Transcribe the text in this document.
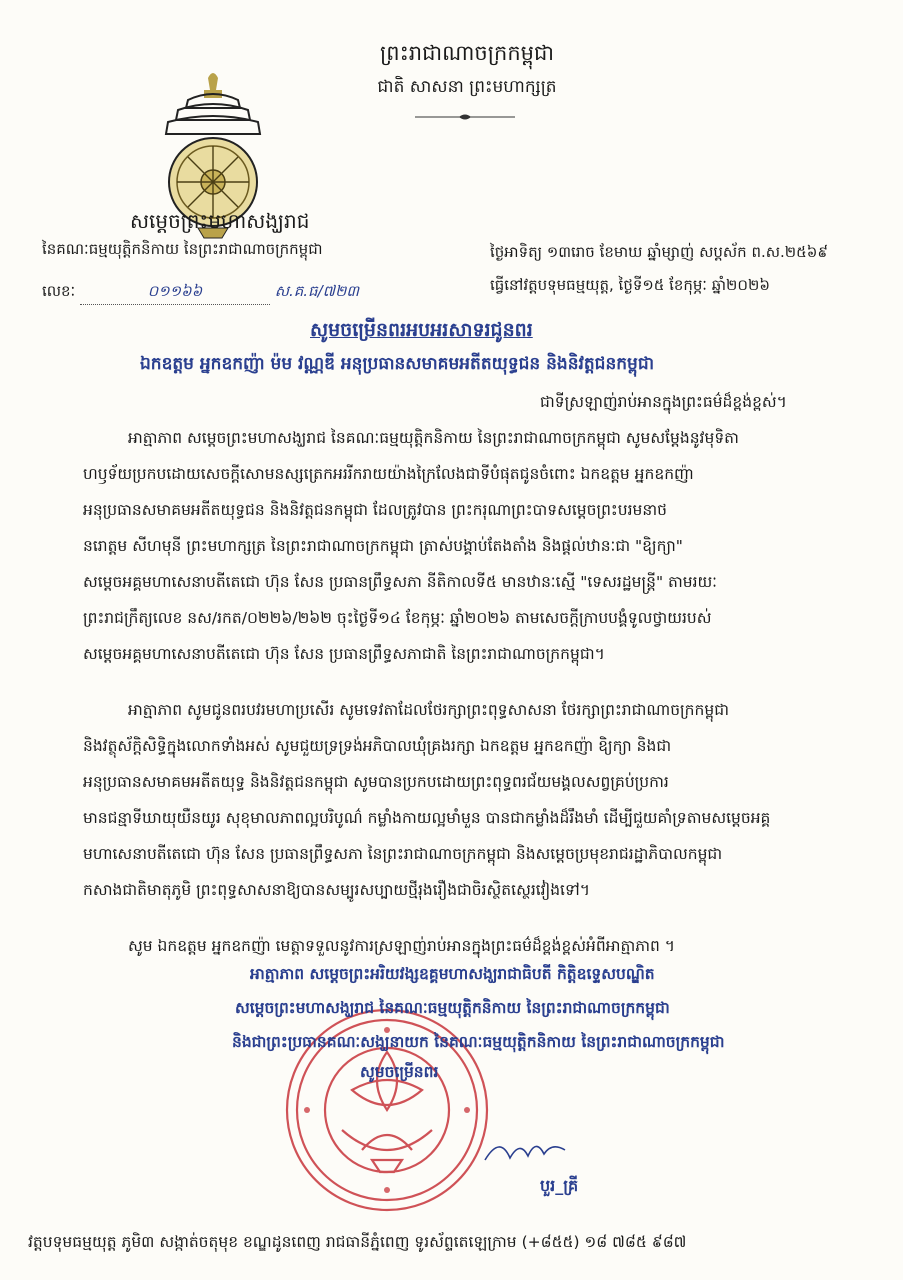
ព្រះរាជាណាចក្រកម្ពុជា
ជាតិ សាសនា ព្រះមហាក្សត្រ
សម្ដេចព្រះមហាសង្ឃរាជ
នៃគណៈធម្មយុត្តិកនិកាយ នៃព្រះរាជាណាចក្រកម្ពុជា
លេខៈ	០១១៦៦	ស.គ.ធ/៧២៣
ថ្ងៃអាទិត្យ ១៣រោច ខែមាឃ ឆ្នាំម្សាញ់ សប្តស័ក ព.ស.២៥៦៩
ធ្វើនៅវត្តបទុមធម្មយុត្ត, ថ្ងៃទី១៥ ខែកុម្ភៈ ឆ្នាំ២០២៦
សូមចម្រើនពរអបអរសាទរជូនពរ
ឯកឧត្តម អ្នកឧកញ៉ា ម៉ម វណ្ណឌី អនុប្រធានសមាគមអតីតយុទ្ធជន និងនិវត្តជនកម្ពុជា
ជាទីស្រឡាញ់រាប់អានក្នុងព្រះធម៌ដ៏ខ្ពង់ខ្ពស់។
អាត្មាភាព សម្ដេចព្រះមហាសង្ឃរាជ នៃគណៈធម្មយុត្តិកនិកាយ នៃព្រះរាជាណាចក្រកម្ពុជា សូមសម្ដែងនូវមុទិតា
ហឫទ័យប្រកបដោយសេចក្ដីសោមនស្សត្រេកអររីករាយយ៉ាងក្រៃលែងជាទីបំផុតជូនចំពោះ ឯកឧត្តម អ្នកឧកញ៉ា
អនុប្រធានសមាគមអតីតយុទ្ធជន និងនិវត្តជនកម្ពុជា ដែលត្រូវបាន ព្រះករុណាព្រះបាទសម្ដេចព្រះបរមនាថ
នរោត្តម សីហមុនី ព្រះមហាក្សត្រ នៃព្រះរាជាណាចក្រកម្ពុជា ត្រាស់បង្គាប់តែងតាំង និងផ្ដល់ឋានៈជា "ឧិ្យក្យា"
សម្ដេចអគ្គមហាសេនាបតីតេជោ ហ៊ុន សែន ប្រធានព្រឹទ្ធសភា នីតិកាលទី៥ មានឋានៈស្មើ "ទេសរដ្ឋមន្ត្រី" តាមរយៈ
ព្រះរាជក្រឹត្យលេខ នស/រកត/០២២៦/២៦២ ចុះថ្ងៃទី១៤ ខែកុម្ភៈ ឆ្នាំ២០២៦ តាមសេចក្ដីក្រាបបង្គំទូលថ្វាយរបស់
សម្ដេចអគ្គមហាសេនាបតីតេជោ ហ៊ុន សែន ប្រធានព្រឹទ្ធសភាជាតិ នៃព្រះរាជាណាចក្រកម្ពុជា។
អាត្មាភាព សូមជូនពរបវរមហាប្រសើរ សូមទេវតាដែលថែរក្សាព្រះពុទ្ធសាសនា ថែរក្សាព្រះរាជាណាចក្រកម្ពុជា
និងវត្ថុស័ក្ដិសិទ្ធិក្នុងលោកទាំងអស់ សូមជួយទ្រទ្រង់អភិបាលឃុំគ្រងរក្សា ឯកឧត្តម អ្នកឧកញ៉ា ឧិ្យក្យា និងជា
អនុប្រធានសមាគមអតីតយុទ្ធ និងនិវត្តជនកម្ពុជា សូមបានប្រកបដោយព្រះពុទ្ធពរជ័យមង្គលសព្វគ្រប់ប្រការ
មានជន្មាទីឃាយុយឺនយូរ សុខុមាលភាពល្អបរិបូណ៌ កម្លាំងកាយល្អមាំមួន បានជាកម្លាំងដ៏រឹងមាំ ដើម្បីជួយគាំទ្រតាមសម្ដេចអគ្គ
មហាសេនាបតីតេជោ ហ៊ុន សែន ប្រធានព្រឹទ្ធសភា នៃព្រះរាជាណាចក្រកម្ពុជា និងសម្ដេចប្រមុខរាជរដ្ឋាភិបាលកម្ពុជា
កសាងជាតិមាតុភូមិ ព្រះពុទ្ធសាសនាឱ្យបានសម្បូរសប្បាយថ្មីរុងរឿងជាចិរស្ថិតស្ថេរវៀងទៅ។
សូម ឯកឧត្តម អ្នកឧកញ៉ា មេត្តាទទួលនូវការស្រឡាញ់រាប់អានក្នុងព្រះធម៌ដ៏ខ្ពង់ខ្ពស់អំពីអាត្មាភាព ។
អាត្មាភាព សម្ដេចព្រះអរិយវង្សឧគ្គមហាសង្ឃរាជាធិបតី កិត្តិឧទ្ទេសបណ្ឌិត
សម្ដេចព្រះមហាសង្ឃរាជ នៃគណៈធម្មយុត្តិកនិកាយ នៃព្រះរាជាណាចក្រកម្ពុជា
និងជាព្រះប្រធានគណៈសង្ឃនាយក នៃគណៈធម្មយុត្តិកនិកាយ នៃព្រះរាជាណាចក្រកម្ពុជា
សូមចម្រើនពរ
បួរ_គ្រី
វត្តបទុមធម្មយុត្ត ភូមិ៣ សង្កាត់ចតុមុខ ខណ្ឌដូនពេញ រាជធានីភ្នំពេញ ទូរស័ព្ទតេឡេក្រាម (+៨៥៥) ១៨ ៧៨៥ ៩៨៧
